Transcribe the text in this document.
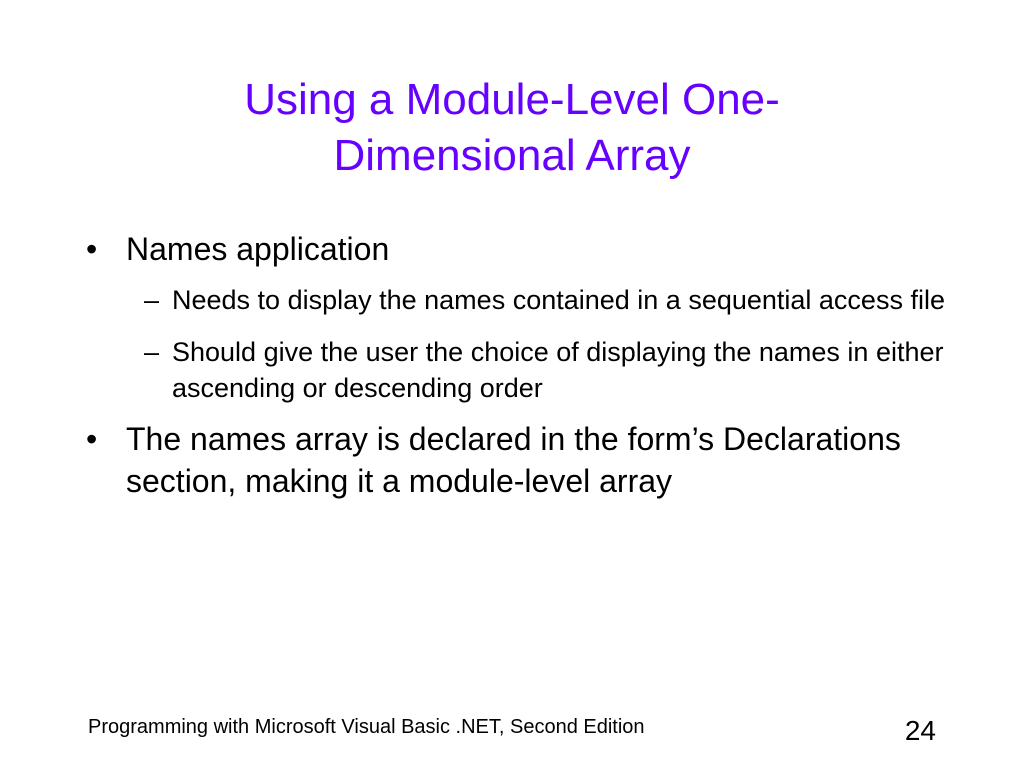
Using a Module-Level One-
Dimensional Array
• Names application
– Needs to display the names contained in a sequential access file
– Should give the user the choice of displaying the names in either ascending or descending order
• The names array is declared in the form’s Declarations section, making it a module-level array
Programming with Microsoft Visual Basic .NET, Second Edition	24
